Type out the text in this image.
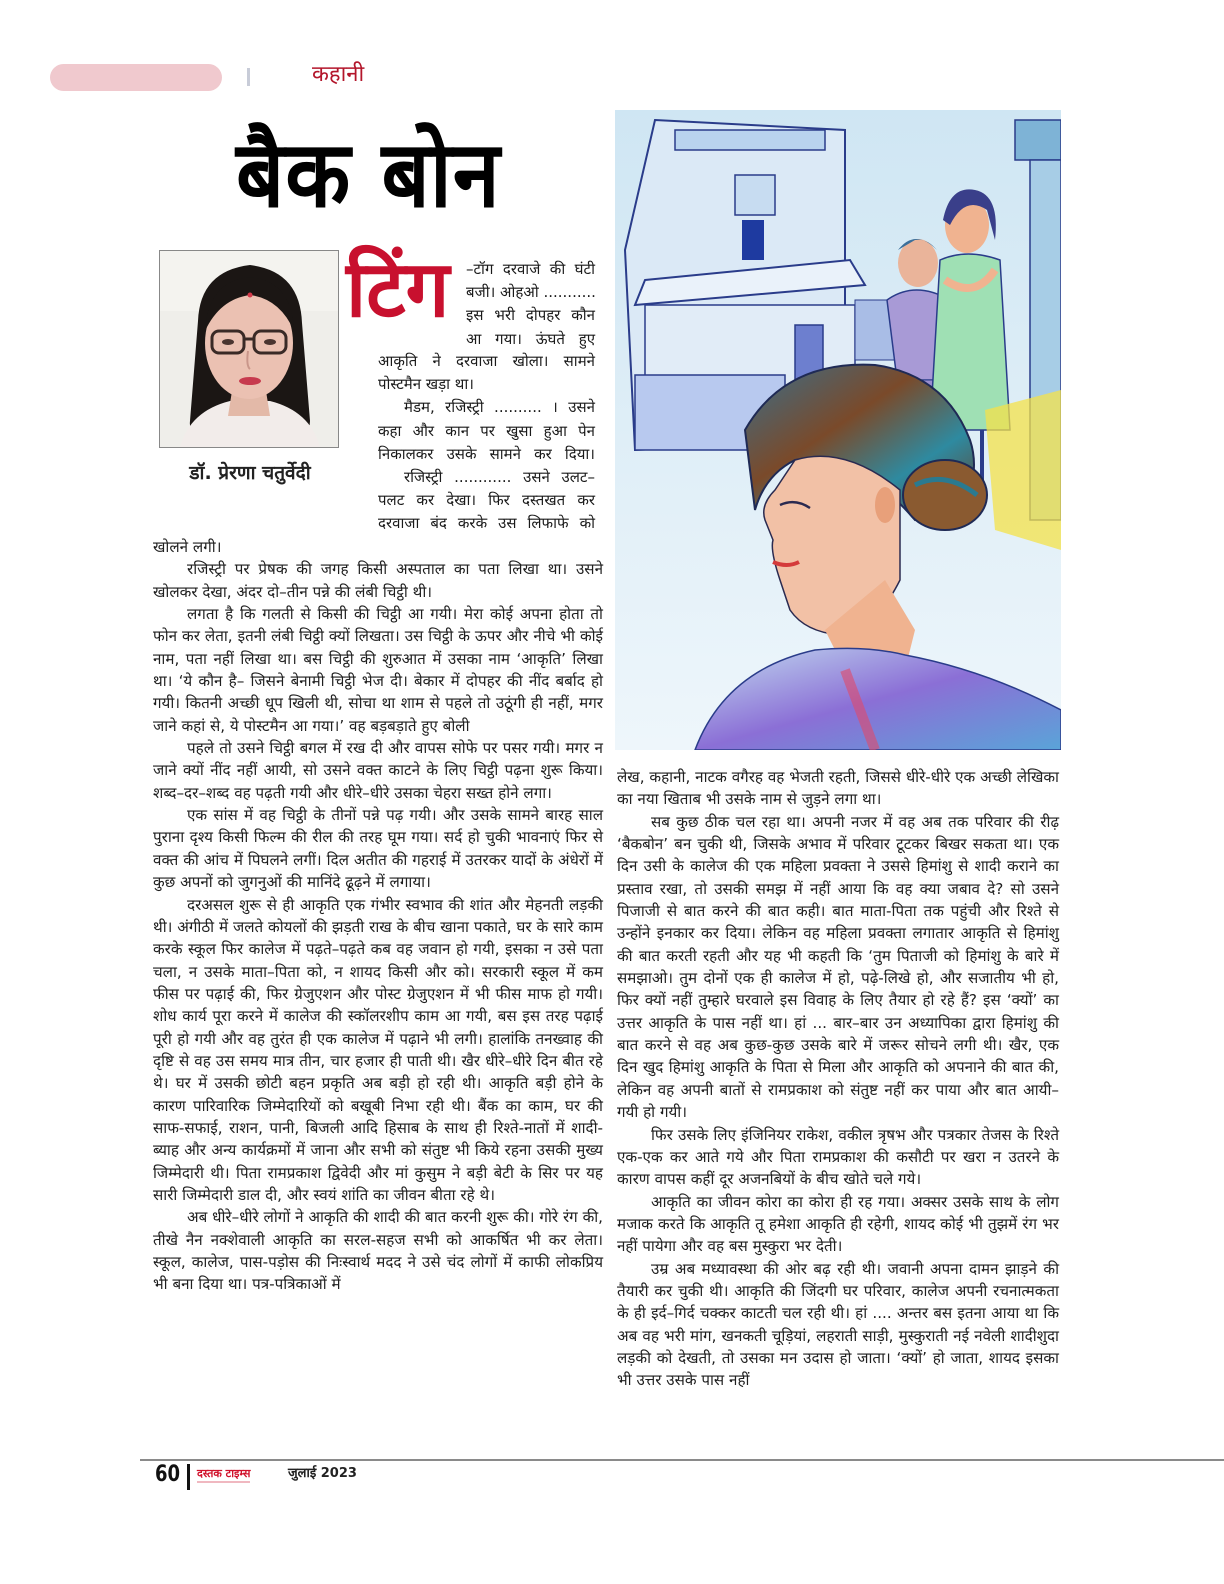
कहानी
बैक बोन
डॉ. प्रेरणा चतुर्वेदी
टिंग –टॉग दरवाजे की घंटी
बजी। ओहओ ...........
इस भरी दोपहर कौन
आ गया। ऊंघते हुए
आकृति ने दरवाजा खोला। सामने
पोस्टमैन खड़ा था।
मैडम, रजिस्ट्री .......... । उसने
कहा और कान पर खुसा हुआ पेन
निकालकर उसके सामने कर दिया।
रजिस्ट्री ............ उसने उलट–
पलट कर देखा। फिर दस्तखत कर
दरवाजा बंद करके उस लिफाफे को

खोलने लगी।

रजिस्ट्री पर प्रेषक की जगह किसी अस्पताल का पता लिखा था। उसने खोलकर देखा, अंदर दो–तीन पन्ने की लंबी चिट्ठी थी।

लगता है कि गलती से किसी की चिट्ठी आ गयी। मेरा कोई अपना होता तो फोन कर लेता, इतनी लंबी चिट्ठी क्यों लिखता। उस चिट्ठी के ऊपर और नीचे भी कोई नाम, पता नहीं लिखा था। बस चिट्ठी की शुरुआत में उसका नाम ‘आकृति’ लिखा था। ‘ये कौन है– जिसने बेनामी चिट्ठी भेज दी। बेकार में दोपहर की नींद बर्बाद हो गयी। कितनी अच्छी धूप खिली थी, सोचा था शाम से पहले तो उठूंगी ही नहीं, मगर जाने कहां से, ये पोस्टमैन आ गया।’ वह बड़बड़ाते हुए बोली

पहले तो उसने चिट्ठी बगल में रख दी और वापस सोफे पर पसर गयी। मगर न जाने क्यों नींद नहीं आयी, सो उसने वक्त काटने के लिए चिट्ठी पढ़ना शुरू किया। शब्द–दर–शब्द वह पढ़ती गयी और धीरे–धीरे उसका चेहरा सख्त होने लगा।

एक सांस में वह चिट्ठी के तीनों पन्ने पढ़ गयी। और उसके सामने बारह साल पुराना दृश्य किसी फिल्म की रील की तरह घूम गया। सर्द हो चुकी भावनाएं फिर से वक्त की आंच में पिघलने लगीं। दिल अतीत की गहराई में उतरकर यादों के अंधेरों में कुछ अपनों को जुगनुओं की मानिंदे ढूढ़ने में लगाया।

दरअसल शुरू से ही आकृति एक गंभीर स्वभाव की शांत और मेहनती लड़की थी। अंगीठी में जलते कोयलों की झड़ती राख के बीच खाना पकाते, घर के सारे काम करके स्कूल फिर कालेज में पढ़ते–पढ़ते कब वह जवान हो गयी, इसका न उसे पता चला, न उसके माता–पिता को, न शायद किसी और को। सरकारी स्कूल में कम फीस पर पढ़ाई की, फिर ग्रेजुएशन और पोस्ट ग्रेजुएशन में भी फीस माफ हो गयी। शोध कार्य पूरा करने में कालेज की स्कॉलरशीप काम आ गयी, बस इस तरह पढ़ाई पूरी हो गयी और वह तुरंत ही एक कालेज में पढ़ाने भी लगी। हालांकि तनख्वाह की दृष्टि से वह उस समय मात्र तीन, चार हजार ही पाती थी। खैर धीरे–धीरे दिन बीत रहे थे। घर में उसकी छोटी बहन प्रकृति अब बड़ी हो रही थी। आकृति बड़ी होने के कारण पारिवारिक जिम्मेदारियों को बखूबी निभा रही थी। बैंक का काम, घर की साफ-सफाई, राशन, पानी, बिजली आदि हिसाब के साथ ही रिश्ते-नातों में शादी-ब्याह और अन्य कार्यक्रमों में जाना और सभी को संतुष्ट भी किये रहना उसकी मुख्य जिम्मेदारी थी। पिता रामप्रकाश द्विवेदी और मां कुसुम ने बड़ी बेटी के सिर पर यह सारी जिम्मेदारी डाल दी, और स्वयं शांति का जीवन बीता रहे थे।

अब धीरे–धीरे लोगों ने आकृति की शादी की बात करनी शुरू की। गोरे रंग की, तीखे नैन नक्शेवाली आकृति का सरल-सहज सभी को आकर्षित भी कर लेता। स्कूल, कालेज, पास-पड़ोस की निःस्वार्थ मदद ने उसे चंद लोगों में काफी लोकप्रिय भी बना दिया था। पत्र-पत्रिकाओं में

लेख, कहानी, नाटक वगैरह वह भेजती रहती, जिससे धीरे-धीरे एक अच्छी लेखिका का नया खिताब भी उसके नाम से जुड़ने लगा था।

सब कुछ ठीक चल रहा था। अपनी नजर में वह अब तक परिवार की रीढ़ ‘बैकबोन’ बन चुकी थी, जिसके अभाव में परिवार टूटकर बिखर सकता था। एक दिन उसी के कालेज की एक महिला प्रवक्ता ने उससे हिमांशु से शादी कराने का प्रस्ताव रखा, तो उसकी समझ में नहीं आया कि वह क्या जबाव दे? सो उसने पिजाजी से बात करने की बात कही। बात माता-पिता तक पहुंची और रिश्ते से उन्होंने इनकार कर दिया। लेकिन वह महिला प्रवक्ता लगातार आकृति से हिमांशु की बात करती रहती और यह भी कहती कि ‘तुम पिताजी को हिमांशु के बारे में समझाओ। तुम दोनों एक ही कालेज में हो, पढ़े-लिखे हो, और सजातीय भी हो, फिर क्यों नहीं तुम्हारे घरवाले इस विवाह के लिए तैयार हो रहे हैं? इस ‘क्यों’ का उत्तर आकृति के पास नहीं था। हां ... बार–बार उन अध्यापिका द्वारा हिमांशु की बात करने से वह अब कुछ-कुछ उसके बारे में जरूर सोचने लगी थी। खैर, एक दिन खुद हिमांशु आकृति के पिता से मिला और आकृति को अपनाने की बात की, लेकिन वह अपनी बातों से रामप्रकाश को संतुष्ट नहीं कर पाया और बात आयी–गयी हो गयी।

फिर उसके लिए इंजिनियर राकेश, वकील त्रृषभ और पत्रकार तेजस के रिश्ते एक-एक कर आते गये और पिता रामप्रकाश की कसौटी पर खरा न उतरने के कारण वापस कहीं दूर अजनबियों के बीच खोते चले गये।

आकृति का जीवन कोरा का कोरा ही रह गया। अक्सर उसके साथ के लोग मजाक करते कि आकृति तू हमेशा आकृति ही रहेगी, शायद कोई भी तुझमें रंग भर नहीं पायेगा और वह बस मुस्कुरा भर देती।

उम्र अब मध्यावस्था की ओर बढ़ रही थी। जवानी अपना दामन झाड़ने की तैयारी कर चुकी थी। आकृति की जिंदगी घर परिवार, कालेज अपनी रचनात्मकता के ही इर्द–गिर्द चक्कर काटती चल रही थी। हां .... अन्तर बस इतना आया था कि अब वह भरी मांग, खनकती चूड़ियां, लहराती साड़ी, मुस्कुराती नई नवेली शादीशुदा लड़की को देखती, तो उसका मन उदास हो जाता। ‘क्यों’ हो जाता, शायद इसका भी उत्तर उसके पास नहीं

60 दस्तक टाइम्स	जुलाई 2023
